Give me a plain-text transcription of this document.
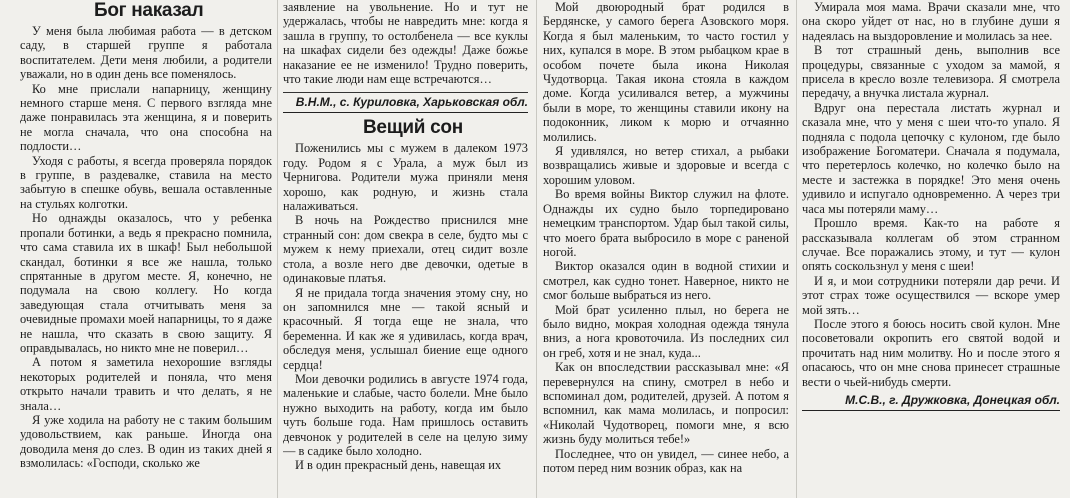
Бог наказал

У меня была любимая работа — в детском саду, в старшей группе я работала воспитателем. Дети меня любили, а родители уважали, но в один день все поменялось.

Ко мне прислали напарницу, женщину немного старше меня. С первого взгляда мне даже понравилась эта женщина, я и поверить не могла сначала, что она способна на подлости…

Уходя с работы, я всегда проверяла порядок в группе, в раздевалке, ставила на место забытую в спешке обувь, вешала оставленные на стульях колготки.

Но однажды оказалось, что у ребенка пропали ботинки, а ведь я прекрасно помнила, что сама ставила их в шкаф! Был небольшой скандал, ботинки я все же нашла, только спрятанные в другом месте. Я, конечно, не подумала на свою коллегу. Но когда заведующая стала отчитывать меня за очевидные промахи моей напарницы, то я даже не нашла, что сказать в свою защиту. Я оправдывалась, но никто мне не поверил…

А потом я заметила нехорошие взгляды некоторых родителей и поняла, что меня открыто начали травить и что делать, я не знала…

Я уже ходила на работу не с таким большим удовольствием, как раньше. Иногда она доводила меня до слез. В один из таких дней я взмолилась: «Господи, сколько же

заявление на увольнение. Но и тут не удержалась, чтобы не навредить мне: когда я зашла в группу, то остолбенела — все куклы на шкафах сидели без одежды! Даже божье наказание ее не изменило! Трудно поверить, что такие люди нам еще встречаются…

В.Н.М., с. Куриловка, Харьковская обл.
Вещий сон

Поженились мы с мужем в далеком 1973 году. Родом я с Урала, а муж был из Чернигова. Родители мужа приняли меня хорошо, как родную, и жизнь стала налаживаться.

В ночь на Рождество приснился мне странный сон: дом свекра в селе, будто мы с мужем к нему приехали, отец сидит возле стола, а возле него две девочки, одетые в одинаковые платья.

Я не придала тогда значения этому сну, но он запомнился мне — такой ясный и красочный. Я тогда еще не знала, что беременна. И как же я удивилась, когда врач, обследуя меня, услышал биение еще одного сердца!

Мои девочки родились в августе 1974 года, маленькие и слабые, часто болели. Мне было нужно выходить на работу, когда им было чуть больше года. Нам пришлось оставить девчонок у родителей в селе на целую зиму — в садике было холодно.

И в один прекрасный день, навещая их

Мой двоюродный брат родился в Бердянске, у самого берега Азовского моря. Когда я был маленьким, то часто гостил у них, купался в море. В этом рыбацком крае в особом почете была икона Николая Чудотворца. Такая икона стояла в каждом доме. Когда усиливался ветер, а мужчины были в море, то женщины ставили икону на подоконник, ликом к морю и отчаянно молились.

Я удивлялся, но ветер стихал, а рыбаки возвращались живые и здоровые и всегда с хорошим уловом.

Во время войны Виктор служил на флоте. Однажды их судно было торпедировано немецким транспортом. Удар был такой силы, что моего брата выбросило в море с раненой ногой.

Виктор оказался один в водной стихии и смотрел, как судно тонет. Наверное, никто не смог больше выбраться из него.

Мой брат усиленно плыл, но берега не было видно, мокрая холодная одежда тянула вниз, а нога кровоточила. Из последних сил он греб, хотя и не знал, куда...

Как он впоследствии рассказывал мне: «Я перевернулся на спину, смотрел в небо и вспоминал дом, родителей, друзей. А потом я вспомнил, как мама молилась, и попросил: «Николай Чудотворец, помоги мне, я всю жизнь буду молиться тебе!»

Последнее, что он увидел, — синее небо, а потом перед ним возник образ, как на

Умирала моя мама. Врачи сказали мне, что она скоро уйдет от нас, но в глубине души я надеялась на выздоровление и молилась за нее.

В тот страшный день, выполнив все процедуры, связанные с уходом за мамой, я присела в кресло возле телевизора. Я смотрела передачу, а внучка листала журнал.

Вдруг она перестала листать журнал и сказала мне, что у меня с шеи что-то упало. Я подняла с подола цепочку с кулоном, где было изображение Богоматери. Сначала я подумала, что перетерлось колечко, но колечко было на месте и застежка в порядке! Это меня очень удивило и испугало одновременно. А через три часа мы потеряли маму…

Прошло время. Как-то на работе я рассказывала коллегам об этом странном случае. Все поражались этому, и тут — кулон опять соскользнул у меня с шеи!

И я, и мои сотрудники потеряли дар речи. И этот страх тоже осуществился — вскоре умер мой зять…

После этого я боюсь носить свой кулон. Мне посоветовали окропить его святой водой и прочитать над ним молитву. Но и после этого я опасаюсь, что он мне снова принесет страшные вести о чьей-нибудь смерти.

М.С.В., г. Дружковка, Донецкая обл.
